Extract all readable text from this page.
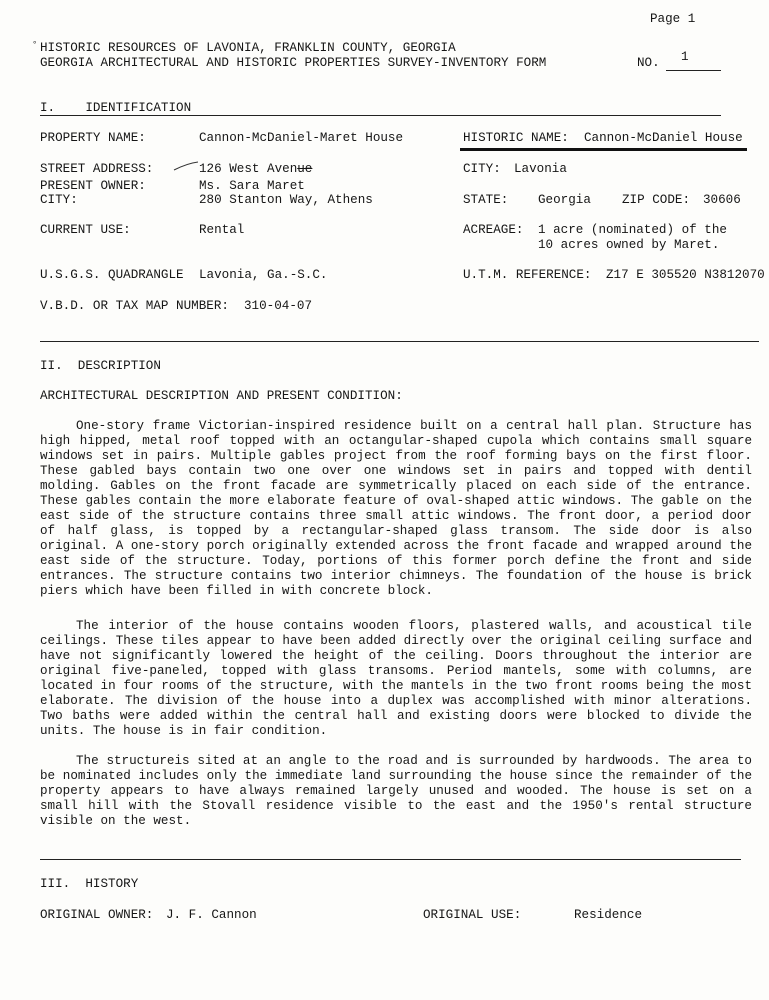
Page 1
° HISTORIC RESOURCES OF LAVONIA, FRANKLIN COUNTY, GEORGIA
GEORGIA ARCHITECTURAL AND HISTORIC PROPERTIES SURVEY-INVENTORY FORM	NO. 1
I.    IDENTIFICATION
PROPERTY NAME:	Cannon-McDaniel-Maret House	HISTORIC NAME: Cannon-McDaniel House
STREET ADDRESS:	126 West Avenue	CITY: Lavonia
PRESENT OWNER:	Ms. Sara Maret
CITY:	280 Stanton Way, Athens	STATE: Georgia ZIP CODE: 30606
CURRENT USE:	Rental	ACREAGE: 1 acre (nominated) of the
10 acres owned by Maret.
U.S.G.S. QUADRANGLE Lavonia, Ga.-S.C.	U.T.M. REFERENCE: Z17 E 305520 N3812070
V.B.D. OR TAX MAP NUMBER: 310-04-07
II.  DESCRIPTION
ARCHITECTURAL DESCRIPTION AND PRESENT CONDITION:

One-story frame Victorian-inspired residence built on a central hall plan. Structure has high hipped, metal roof topped with an octangular-shaped cupola which contains small square windows set in pairs. Multiple gables project from the roof forming bays on the first floor. These gabled bays contain two one over one windows set in pairs and topped with dentil molding. Gables on the front facade are symmetrically placed on each side of the entrance. These gables contain the more elaborate feature of oval-shaped attic windows. The gable on the east side of the structure contains three small attic windows. The front door, a period door of half glass, is topped by a rectangular-shaped glass transom. The side door is also original. A one-story porch originally extended across the front facade and wrapped around the east side of the structure. Today, portions of this former porch define the front and side entrances. The structure contains two interior chimneys. The foundation of the house is brick piers which have been filled in with concrete block.

The interior of the house contains wooden floors, plastered walls, and acoustical tile ceilings. These tiles appear to have been added directly over the original ceiling surface and have not significantly lowered the height of the ceiling. Doors throughout the interior are original five-paneled, topped with glass transoms. Period mantels, some with columns, are located in four rooms of the structure, with the mantels in the two front rooms being the most elaborate. The division of the house into a duplex was accomplished with minor alterations. Two baths were added within the central hall and existing doors were blocked to divide the units. The house is in fair condition.

The structureis sited at an angle to the road and is surrounded by hardwoods. The area to be nominated includes only the immediate land surrounding the house since the remainder of the property appears to have always remained largely unused and wooded. The house is set on a small hill with the Stovall residence visible to the east and the 1950's rental structure visible on the west.

III.  HISTORY
ORIGINAL OWNER: J. F. Cannon	ORIGINAL USE:	Residence
